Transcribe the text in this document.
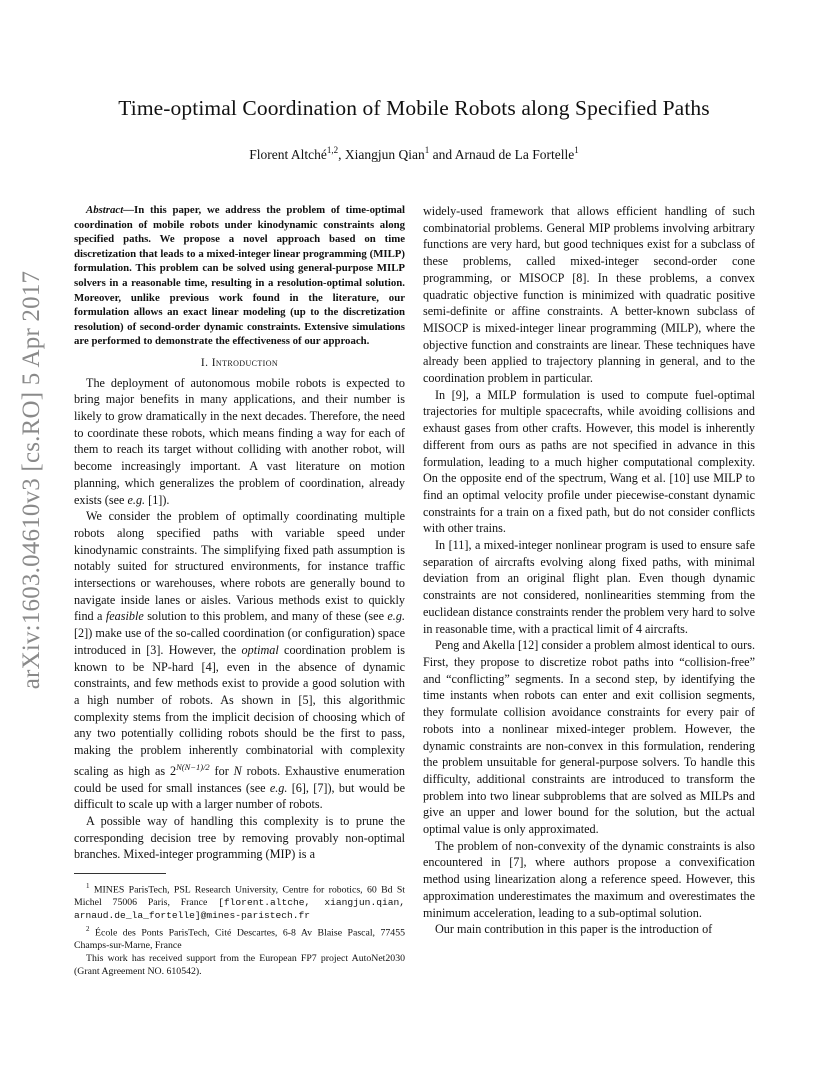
arXiv:1603.04610v3 [cs.RO] 5 Apr 2017
Time-optimal Coordination of Mobile Robots along Specified Paths
Florent Altché$^{1,2}$, Xiangjun Qian$^1$ and Arnaud de La Fortelle$^1$

Abstract—In this paper, we address the problem of time-optimal coordination of mobile robots under kinodynamic constraints along specified paths. We propose a novel approach based on time discretization that leads to a mixed-integer linear programming (MILP) formulation. This problem can be solved using general-purpose MILP solvers in a reasonable time, resulting in a resolution-optimal solution. Moreover, unlike previous work found in the literature, our formulation allows an exact linear modeling (up to the discretization resolution) of second-order dynamic constraints. Extensive simulations are performed to demonstrate the effectiveness of our approach.

I. Introduction

The deployment of autonomous mobile robots is expected to bring major benefits in many applications, and their number is likely to grow dramatically in the next decades. Therefore, the need to coordinate these robots, which means finding a way for each of them to reach its target without colliding with another robot, will become increasingly important. A vast literature on motion planning, which generalizes the problem of coordination, already exists (see e.g. [1]).

We consider the problem of optimally coordinating multiple robots along specified paths with variable speed under kinodynamic constraints. The simplifying fixed path assumption is notably suited for structured environments, for instance traffic intersections or warehouses, where robots are generally bound to navigate inside lanes or aisles. Various methods exist to quickly find a feasible solution to this problem, and many of these (see e.g. [2]) make use of the so-called coordination (or configuration) space introduced in [3]. However, the optimal coordination problem is known to be NP-hard [4], even in the absence of dynamic constraints, and few methods exist to provide a good solution with a high number of robots. As shown in [5], this algorithmic complexity stems from the implicit decision of choosing which of any two potentially colliding robots should be the first to pass, making the problem inherently combinatorial with complexity scaling as high as $2^{N(N-1)/2}$ for N robots. Exhaustive enumeration could be used for small instances (see e.g. [6], [7]), but would be difficult to scale up with a larger number of robots.

A possible way of handling this complexity is to prune the corresponding decision tree by removing provably non-optimal branches. Mixed-integer programming (MIP) is a

$^1$ MINES ParisTech, PSL Research University, Centre for robotics, 60 Bd St Michel 75006 Paris, France [florent.altche, xiangjun.qian, arnaud.de_la_fortelle]@mines-paristech.fr

$^2$ École des Ponts ParisTech, Cité Descartes, 6-8 Av Blaise Pascal, 77455 Champs-sur-Marne, France

This work has received support from the European FP7 project AutoNet2030 (Grant Agreement NO. 610542).

widely-used framework that allows efficient handling of such combinatorial problems. General MIP problems involving arbitrary functions are very hard, but good techniques exist for a subclass of these problems, called mixed-integer second-order cone programming, or MISOCP [8]. In these problems, a convex quadratic objective function is minimized with quadratic positive semi-definite or affine constraints. A better-known subclass of MISOCP is mixed-integer linear programming (MILP), where the objective function and constraints are linear. These techniques have already been applied to trajectory planning in general, and to the coordination problem in particular.

In [9], a MILP formulation is used to compute fuel-optimal trajectories for multiple spacecrafts, while avoiding collisions and exhaust gases from other crafts. However, this model is inherently different from ours as paths are not specified in advance in this formulation, leading to a much higher computational complexity. On the opposite end of the spectrum, Wang et al. [10] use MILP to find an optimal velocity profile under piecewise-constant dynamic constraints for a train on a fixed path, but do not consider conflicts with other trains.

In [11], a mixed-integer nonlinear program is used to ensure safe separation of aircrafts evolving along fixed paths, with minimal deviation from an original flight plan. Even though dynamic constraints are not considered, nonlinearities stemming from the euclidean distance constraints render the problem very hard to solve in reasonable time, with a practical limit of 4 aircrafts.

Peng and Akella [12] consider a problem almost identical to ours. First, they propose to discretize robot paths into “collision-free” and “conflicting” segments. In a second step, by identifying the time instants when robots can enter and exit collision segments, they formulate collision avoidance constraints for every pair of robots into a nonlinear mixed-integer problem. However, the dynamic constraints are non-convex in this formulation, rendering the problem unsuitable for general-purpose solvers. To handle this difficulty, additional constraints are introduced to transform the problem into two linear subproblems that are solved as MILPs and give an upper and lower bound for the solution, but the actual optimal value is only approximated.

The problem of non-convexity of the dynamic constraints is also encountered in [7], where authors propose a convexification method using linearization along a reference speed. However, this approximation underestimates the maximum and overestimates the minimum acceleration, leading to a sub-optimal solution.

Our main contribution in this paper is the introduction of
